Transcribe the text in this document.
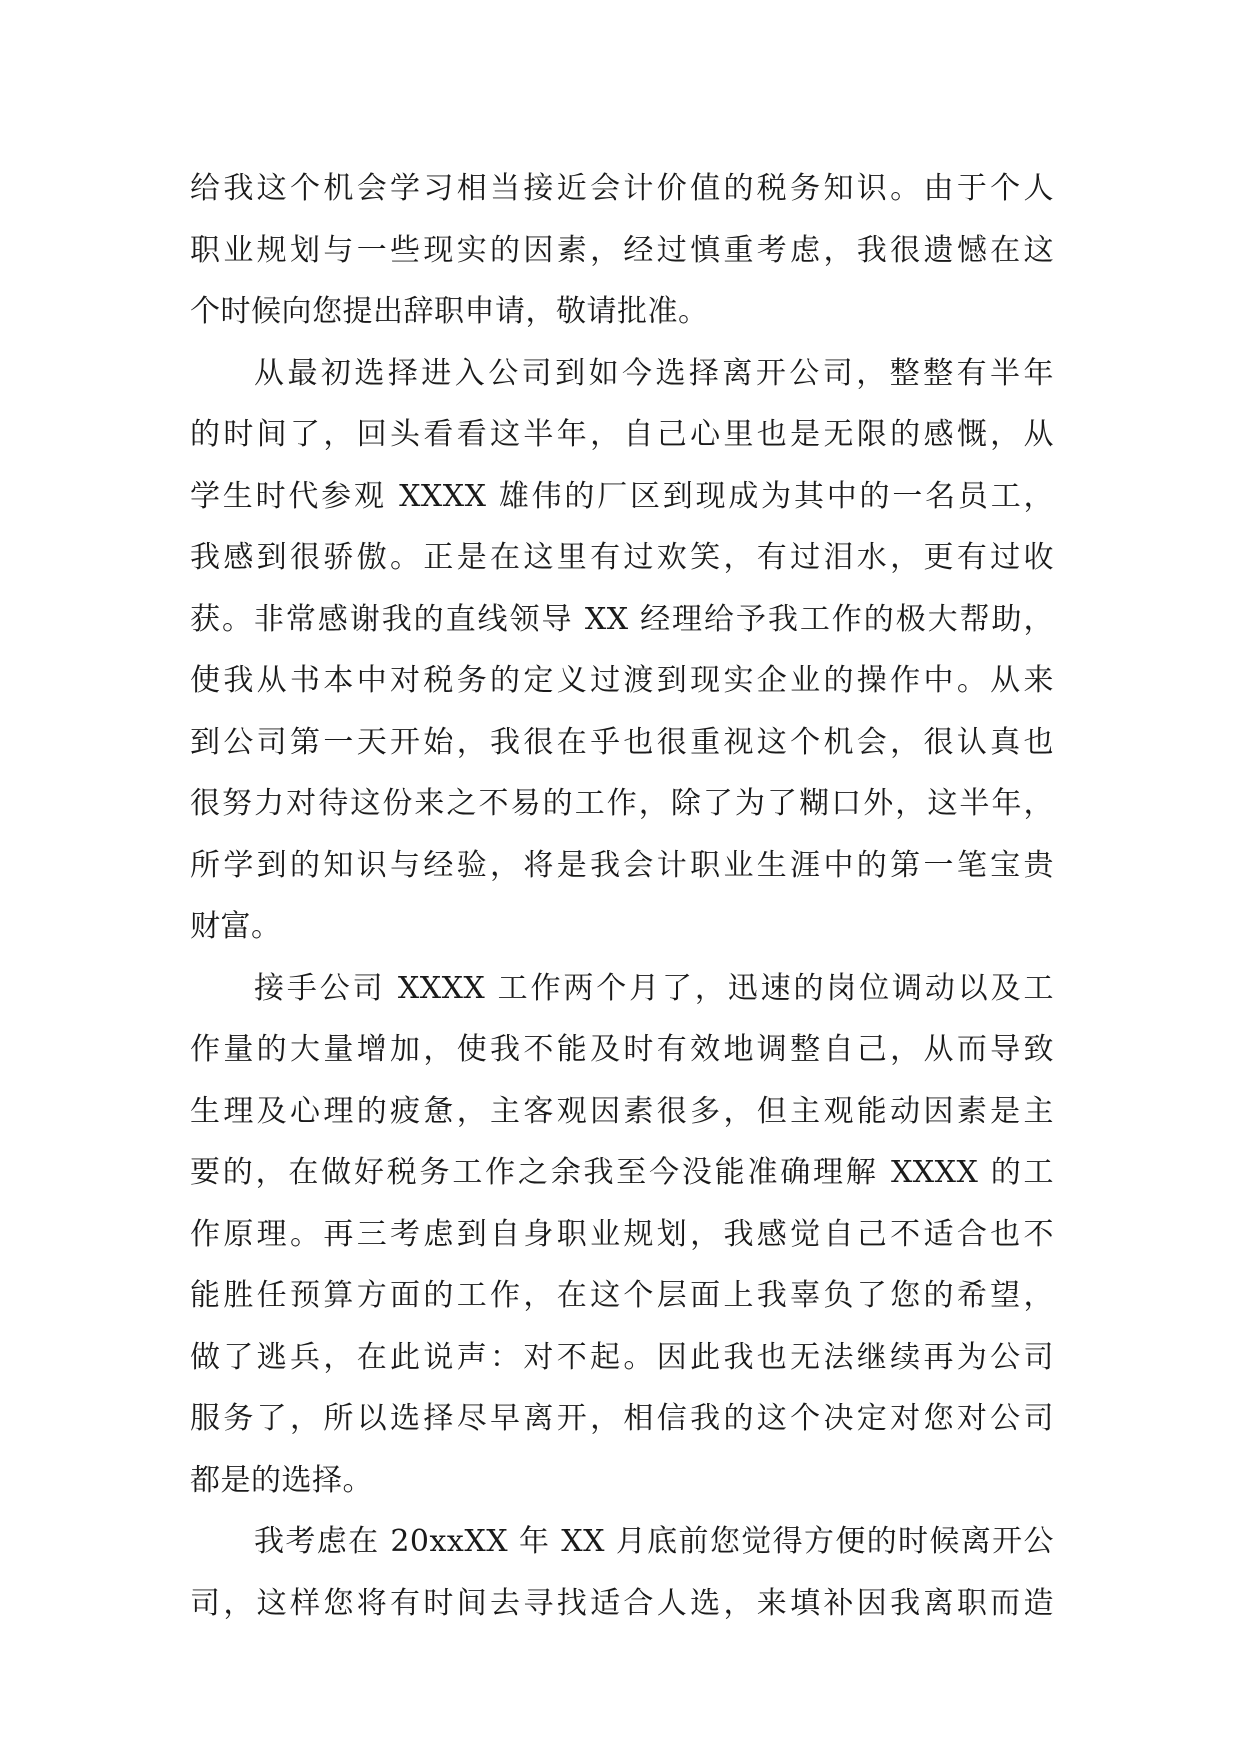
给我这个机会学习相当接近会计价值的税务知识。由于个人
职业规划与一些现实的因素，经过慎重考虑，我很遗憾在这
个时候向您提出辞职申请，敬请批准。
从最初选择进入公司到如今选择离开公司，整整有半年
的时间了，回头看看这半年，自己心里也是无限的感慨，从
学生时代参观 XXXX 雄伟的厂区到现成为其中的一名员工，
我感到很骄傲。正是在这里有过欢笑，有过泪水，更有过收
获。非常感谢我的直线领导 XX 经理给予我工作的极大帮助，
使我从书本中对税务的定义过渡到现实企业的操作中。从来
到公司第一天开始，我很在乎也很重视这个机会，很认真也
很努力对待这份来之不易的工作，除了为了糊口外，这半年，
所学到的知识与经验，将是我会计职业生涯中的第一笔宝贵
财富。
接手公司 XXXX 工作两个月了，迅速的岗位调动以及工
作量的大量增加，使我不能及时有效地调整自己，从而导致
生理及心理的疲惫，主客观因素很多，但主观能动因素是主
要的，在做好税务工作之余我至今没能准确理解 XXXX 的工
作原理。再三考虑到自身职业规划，我感觉自己不适合也不
能胜任预算方面的工作，在这个层面上我辜负了您的希望，
做了逃兵，在此说声：对不起。因此我也无法继续再为公司
服务了，所以选择尽早离开，相信我的这个决定对您对公司
都是的选择。
我考虑在 20xxXX 年 XX 月底前您觉得方便的时候离开公
司，这样您将有时间去寻找适合人选，来填补因我离职而造
